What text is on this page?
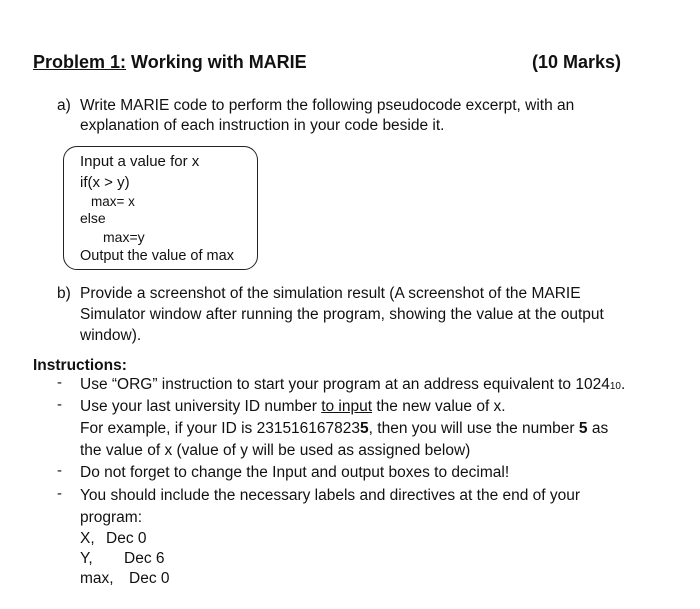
Problem 1: Working with MARIE	(10 Marks)
a) Write MARIE code to perform the following pseudocode excerpt, with an
explanation of each instruction in your code beside it.
Input a value for x
if(x > y)
max= x
else
max=y
Output the value of max
b) Provide a screenshot of the simulation result (A screenshot of the MARIE
Simulator window after running the program, showing the value at the output
window).
Instructions:
- Use “ORG” instruction to start your program at an address equivalent to 102410.
- Use your last university ID number to input the new value of x.
For example, if your ID is 2315161678235, then you will use the number 5 as
the value of x (value of y will be used as assigned below)
- Do not forget to change the Input and output boxes to decimal!
- You should include the necessary labels and directives at the end of your
program:
X, Dec 0
Y, Dec 6
max, Dec 0
